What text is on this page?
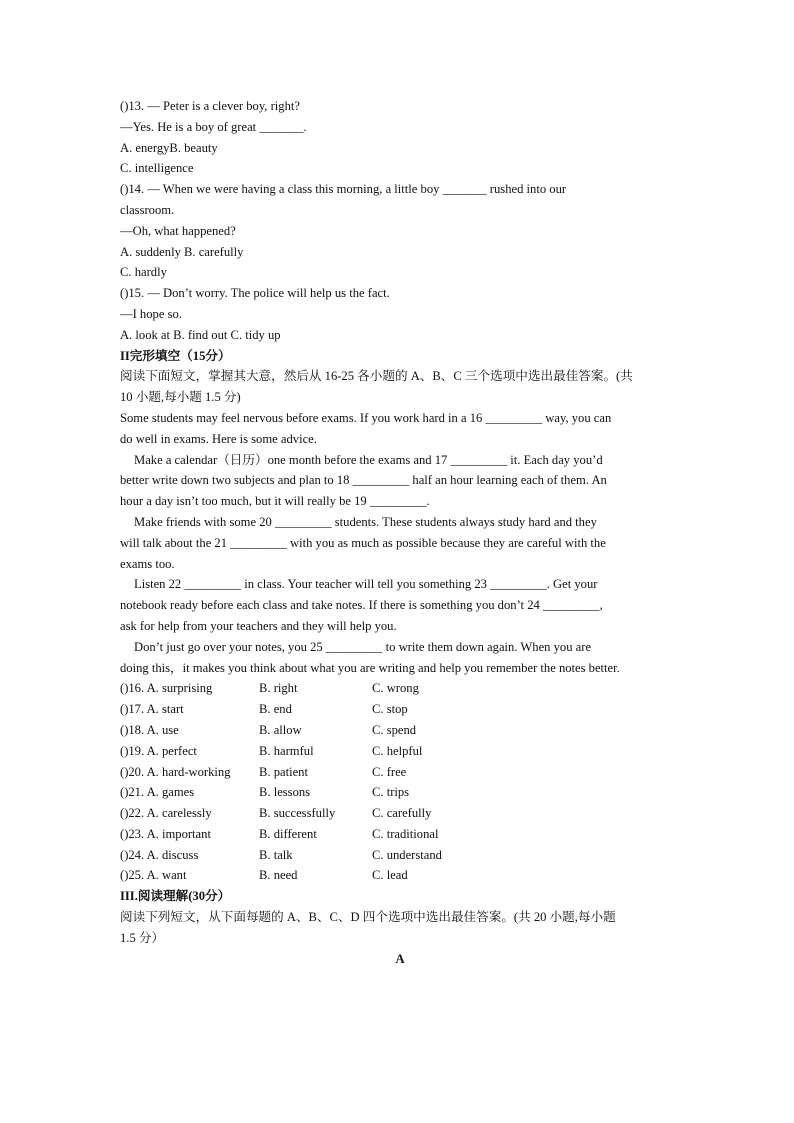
()13. — Peter is a clever boy, right?
—Yes. He is a boy of great _______.
A. energyB. beauty
C. intelligence
()14. — When we were having a class this morning, a little boy _______ rushed into our
classroom.
—Oh, what happened?
A. suddenly B. carefully
C. hardly
()15. — Don’t worry. The police will help us the fact.
—I hope so.
A. look at B. find out C. tidy up
II完形填空（15分）
阅读下面短文，掌握其大意，然后从 16-25 各小题的 A、B、C 三个选项中选出最佳答案。(共
10 小题,每小题 1.5 分)
Some students may feel nervous before exams. If you work hard in a 16 _________ way, you can
do well in exams. Here is some advice.
Make a calendar（日历）one month before the exams and 17 _________ it. Each day you’d
better write down two subjects and plan to 18 _________ half an hour learning each of them. An
hour a day isn’t too much, but it will really be 19 _________.
Make friends with some 20 _________ students. These students always study hard and they
will talk about the 21 _________ with you as much as possible because they are careful with the
exams too.
Listen 22 _________ in class. Your teacher will tell you something 23 _________. Get your
notebook ready before each class and take notes. If there is something you don’t 24 _________,
ask for help from your teachers and they will help you.
Don’t just go over your notes, you 25 _________ to write them down again. When you are
doing this，it makes you think about what you are writing and help you remember the notes better.
()16. A. surprising	B. right	C. wrong
()17. A. start	B. end	C. stop
()18. A. use	B. allow	C. spend
()19. A. perfect	B. harmful	C. helpful
()20. A. hard-working	B. patient	C. free
()21. A. games	B. lessons	C. trips
()22. A. carelessly	B. successfully	C. carefully
()23. A. important	B. different	C. traditional
()24. A. discuss	B. talk	C. understand
()25. A. want	B. need	C. lead
III.阅读理解(30分）
阅读下列短文，从下面每题的 A、B、C、D 四个选项中选出最佳答案。(共 20 小题,每小题
1.5 分）
A
